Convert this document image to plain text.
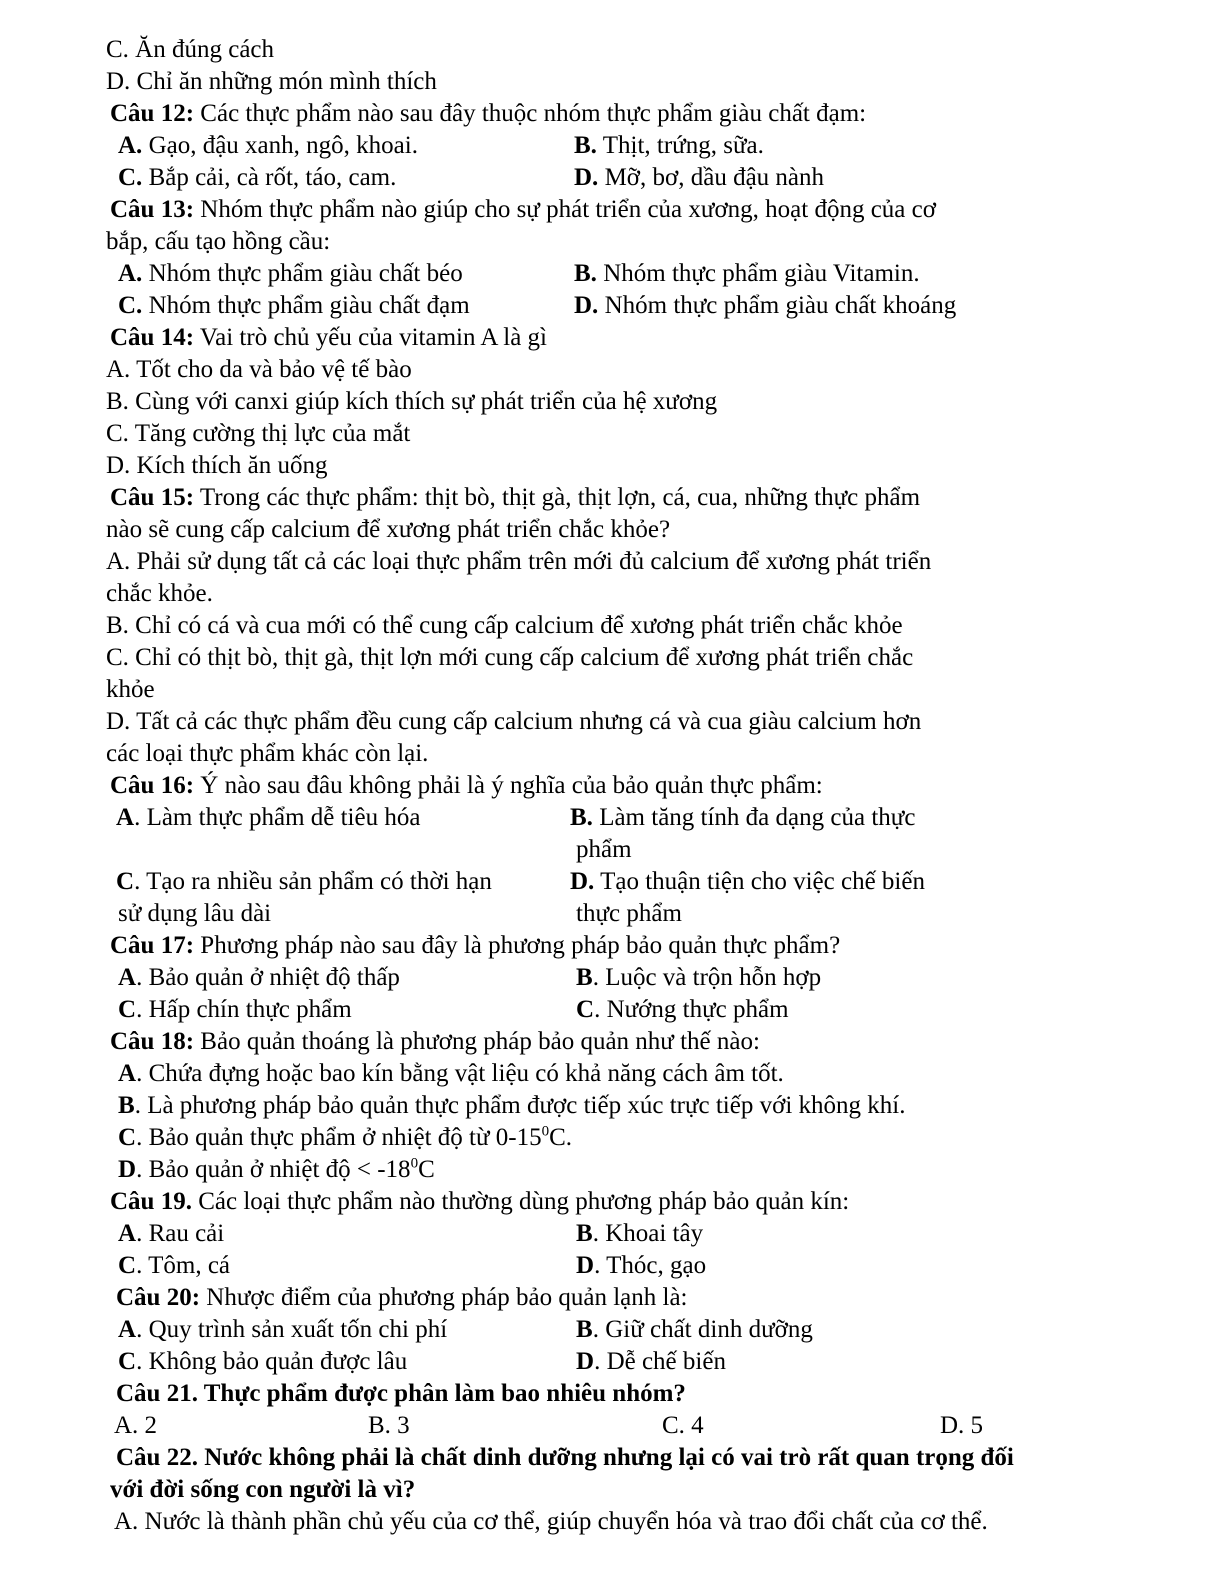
C. Ăn đúng cách
D. Chỉ ăn những món mình thích
Câu 12: Các thực phẩm nào sau đây thuộc nhóm thực phẩm giàu chất đạm:
A. Gạo, đậu xanh, ngô, khoai.	B. Thịt, trứng, sữa.
C. Bắp cải, cà rốt, táo, cam.	D. Mỡ, bơ, dầu đậu nành
Câu 13: Nhóm thực phẩm nào giúp cho sự phát triển của xương, hoạt động của cơ
bắp, cấu tạo hồng cầu:
A. Nhóm thực phẩm giàu chất béo	B. Nhóm thực phẩm giàu Vitamin.
C. Nhóm thực phẩm giàu chất đạm	D. Nhóm thực phẩm giàu chất khoáng
Câu 14: Vai trò chủ yếu của vitamin A là gì
A. Tốt cho da và bảo vệ tế bào
B. Cùng với canxi giúp kích thích sự phát triển của hệ xương
C. Tăng cường thị lực của mắt
D. Kích thích ăn uống
Câu 15: Trong các thực phẩm: thịt bò, thịt gà, thịt lợn, cá, cua, những thực phẩm
nào sẽ cung cấp calcium để xương phát triển chắc khỏe?
A. Phải sử dụng tất cả các loại thực phẩm trên mới đủ calcium để xương phát triển
chắc khỏe.
B. Chỉ có cá và cua mới có thể cung cấp calcium để xương phát triển chắc khỏe
C. Chỉ có thịt bò, thịt gà, thịt lợn mới cung cấp calcium để xương phát triển chắc
khỏe
D. Tất cả các thực phẩm đều cung cấp calcium nhưng cá và cua giàu calcium hơn
các loại thực phẩm khác còn lại.
Câu 16: Ý nào sau đâu không phải là ý nghĩa của bảo quản thực phẩm:
A. Làm thực phẩm dễ tiêu hóa	B. Làm tăng tính đa dạng của thực
phẩm
C. Tạo ra nhiều sản phẩm có thời hạn	D. Tạo thuận tiện cho việc chế biến
sử dụng lâu dài	thực phẩm
Câu 17: Phương pháp nào sau đây là phương pháp bảo quản thực phẩm?
A. Bảo quản ở nhiệt độ thấp	B. Luộc và trộn hỗn hợp
C. Hấp chín thực phẩm	C. Nướng thực phẩm
Câu 18: Bảo quản thoáng là phương pháp bảo quản như thế nào:
A. Chứa đựng hoặc bao kín bằng vật liệu có khả năng cách âm tốt.
B. Là phương pháp bảo quản thực phẩm được tiếp xúc trực tiếp với không khí.
C. Bảo quản thực phẩm ở nhiệt độ từ $0-15^0C$.
D. Bảo quản ở nhiệt độ < $-18^0C$
Câu 19. Các loại thực phẩm nào thường dùng phương pháp bảo quản kín:
A. Rau cải	B. Khoai tây
C. Tôm, cá	D. Thóc, gạo
Câu 20: Nhược điểm của phương pháp bảo quản lạnh là:
A. Quy trình sản xuất tốn chi phí	B. Giữ chất dinh dưỡng
C. Không bảo quản được lâu	D. Dễ chế biến
Câu 21. Thực phẩm được phân làm bao nhiêu nhóm?
A. 2	B. 3	C. 4	D. 5
Câu 22. Nước không phải là chất dinh dưỡng nhưng lại có vai trò rất quan trọng đối
với đời sống con người là vì?
A. Nước là thành phần chủ yếu của cơ thể, giúp chuyển hóa và trao đổi chất của cơ thể.
